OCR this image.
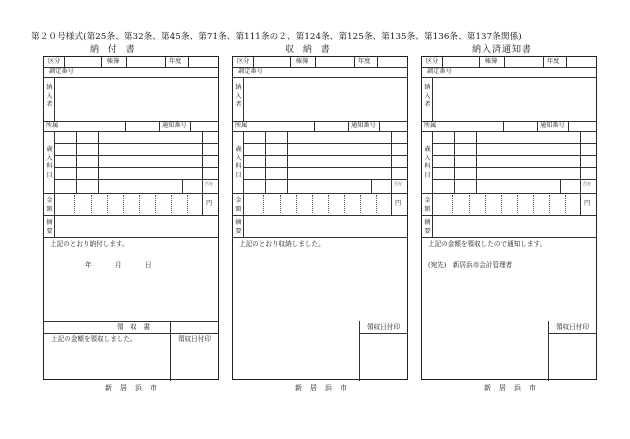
第２０号様式(第25条、第32条、第45条、第71条、第111条の２、第124条、第125条、第135条、第136条、第137条関係)
納 付 書
区分	帳簿	年度
調定番号
納入者
所属	通知番号
歳入科目
百万
金額
円
摘要
上記のとおり納付します。
年	月	日
領　収　書
上記の金額を領収しました。	領収日付印
新居浜市
収 納 書
区分	帳簿	年度
調定番号
納入者
所属	通知番号
歳入科目
百万
金額
円
摘要
上記のとおり収納しました。
領収日付印
新居浜市
納入済通知書
区分	帳簿	年度
調定番号
納入者
所属	通知番号
歳入科目
百万
金額
円
摘要
上記の金額を領収したので通知します。
(宛先)　新居浜市会計管理者
領収日付印
新居浜市
